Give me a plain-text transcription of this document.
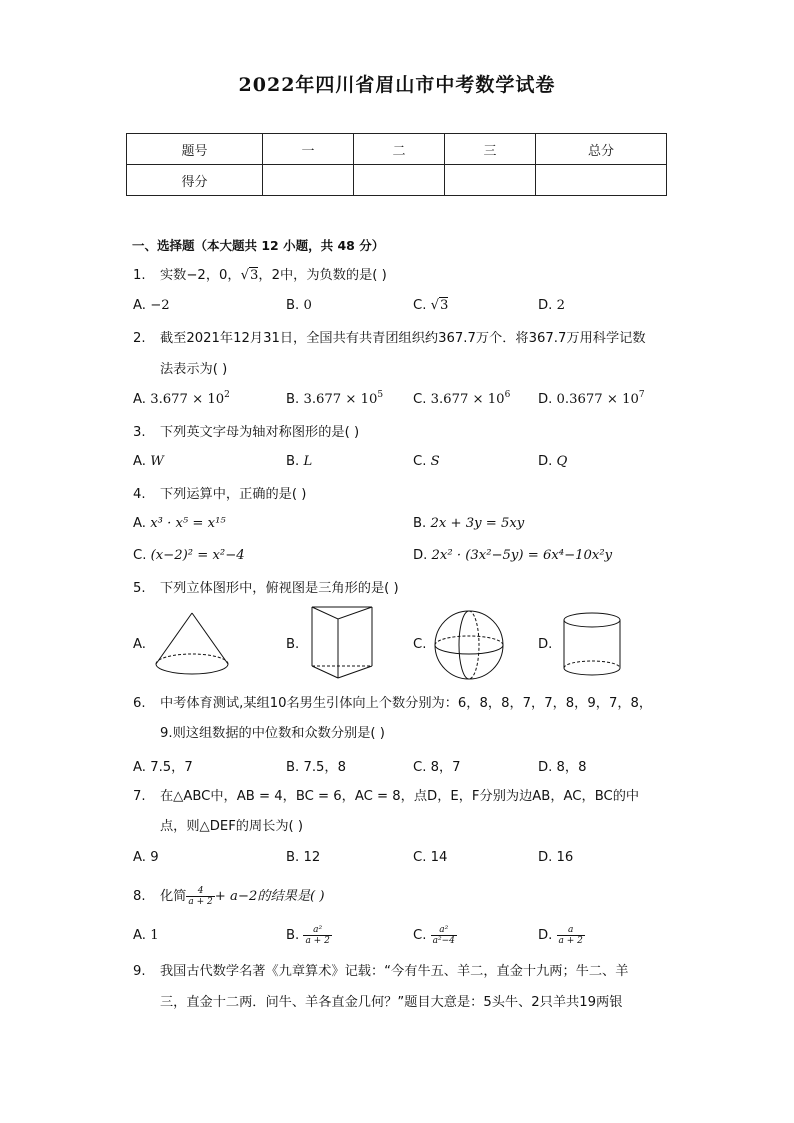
2022年四川省眉山市中考数学试卷
题号	一	二	三	总分
得分				
一、选择题（本大题共 12 小题，共 48 分）
1. 实数−2，0，√3，2中，为负数的是( )
A. −2	B. 0	C. √3	D. 2
2. 截至2021年12月31日，全国共有共青团组织约367.7万个．将367.7万用科学记数
法表示为( )
A. $3.677 \times 10^2$	B. $3.677 \times 10^5$ C. $3.677 \times 10^6$ D. $0.3677 \times 10^7$
3. 下列英文字母为轴对称图形的是( )
A. W	B. L	C. S	D. Q
4. 下列运算中，正确的是( )
A. x³ · x⁵ = x¹⁵	B. 2x + 3y = 5xy
C. (x−2)² = x²−4	D. 2x² · (3x²−5y) = 6x⁴−10x²y
5. 下列立体图形中，俯视图是三角形的是( )
A.	B.	C.	D.
6. 中考体育测试,某组10名男生引体向上个数分别为：6，8，8，7，7，8，9，7，8，
9.则这组数据的中位数和众数分别是( )
A. 7.5，7	B. 7.5，8	C. 8，7	D. 8，8
7. 在△ABC中，AB = 4，BC = 6，AC = 8，点D，E，F分别为边AB，AC，BC的中
点，则△DEF的周长为( )
A. 9	B. 12	C. 14	D. 16
8. 化简 $\frac{4}{a + 2} + a-2$的结果是( )
A. 1	B. $\frac{\text{a²}}{a + 2}$	C. $\frac{\text{a²}}{\text{a²−4}}$	D. $\frac{a}{a + 2}$
9. 我国古代数学名著《九章算术》记载：“今有牛五、羊二，直金十九两；牛二、羊
三，直金十二两．问牛、羊各直金几何？”题目大意是：5头牛、2只羊共19两银
